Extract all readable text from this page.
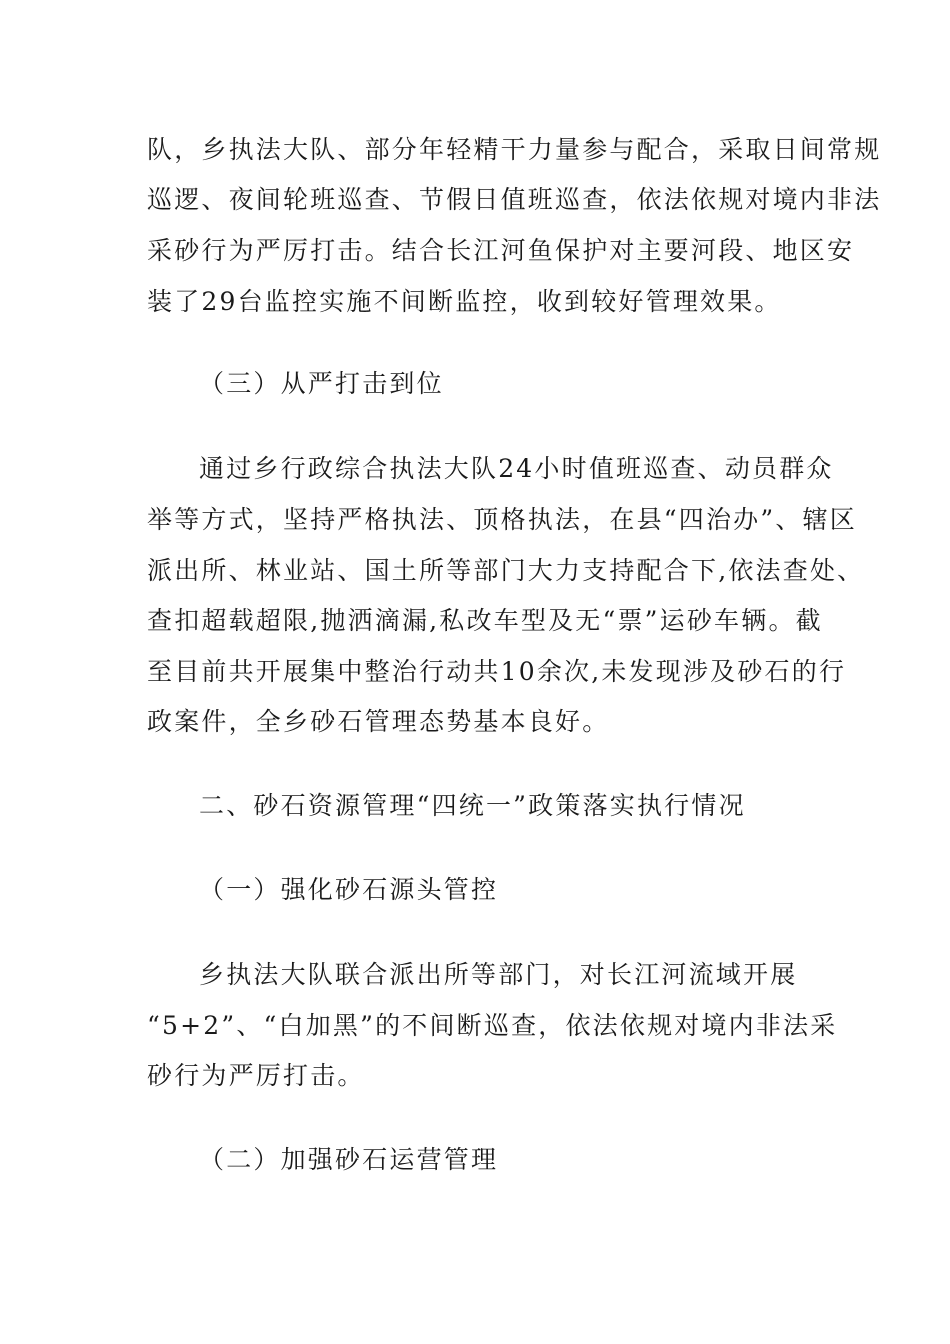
队，乡执法大队、部分年轻精干力量参与配合，采取日间常规
巡逻、夜间轮班巡查、节假日值班巡查，依法依规对境内非法
采砂行为严厉打击。结合长江河鱼保护对主要河段、地区安
装了29台监控实施不间断监控，收到较好管理效果。
（三）从严打击到位
通过乡行政综合执法大队24小时值班巡查、动员群众
举等方式，坚持严格执法、顶格执法，在县“四治办”、辖区
派出所、林业站、国土所等部门大力支持配合下,依法查处、
查扣超载超限,抛洒滴漏,私改车型及无“票”运砂车辆。截
至目前共开展集中整治行动共10余次,未发现涉及砂石的行
政案件，全乡砂石管理态势基本良好。
二、砂石资源管理“四统一”政策落实执行情况
（一）强化砂石源头管控
乡执法大队联合派出所等部门，对长江河流域开展
“5+2”、“白加黑”的不间断巡查，依法依规对境内非法采
砂行为严厉打击。
（二）加强砂石运营管理
